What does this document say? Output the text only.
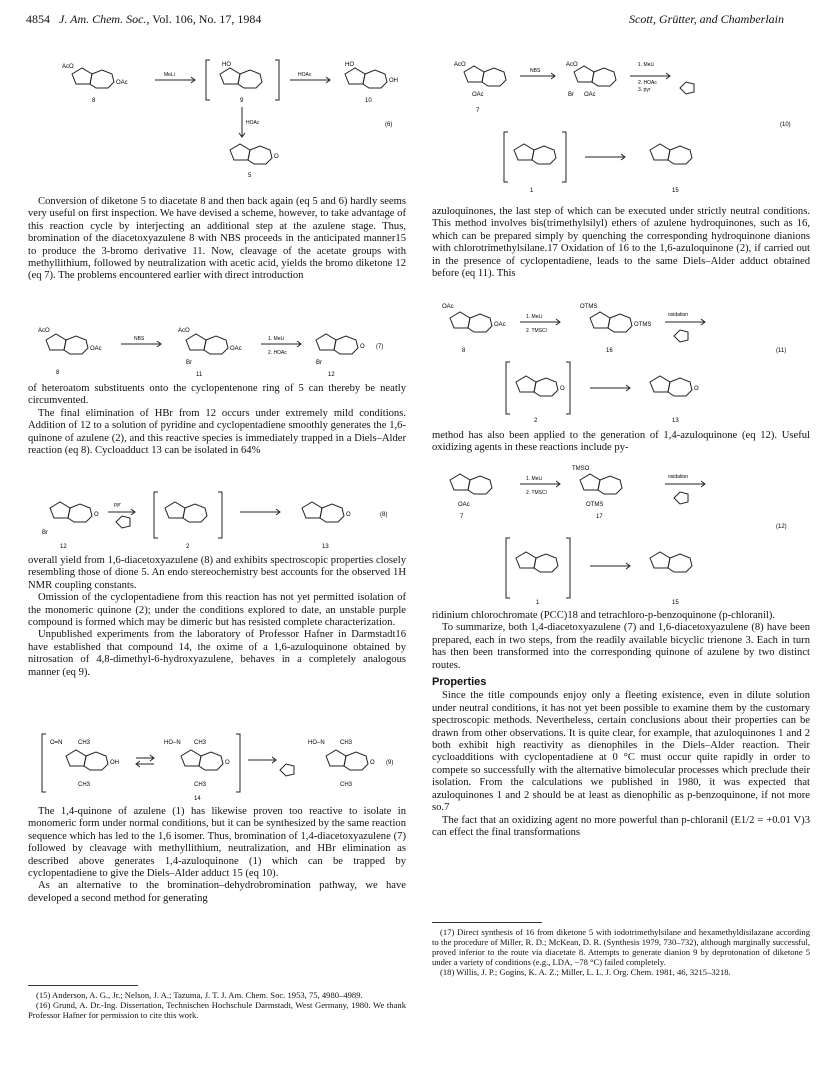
4854 J. Am. Chem. Soc., Vol. 106, No. 17, 1984	Scott, Grütter, and Chamberlain
AcO
OAc
8
MeLi
HO
9
HOAc
HO
OH
10
HOAc
O
5
(6)
AcO
OAc
7
NBS
AcO
Br OAc
1. MeLi
2. HOAc
3. pyr
1	15
(10)

Conversion of diketone 5 to diacetate 8 and then back again (eq 5 and 6) hardly seems very useful on first inspection. We have devised a scheme, however, to take advantage of this reaction cycle by interjecting an additional step at the azulene stage. Thus, bromination of the diacetoxyazulene 8 with NBS proceeds in the anticipated manner15 to produce the 3-bromo derivative 11. Now, cleavage of the acetate groups with methyllithium, followed by neutralization with acetic acid, yields the bromo diketone 12 (eq 7). The problems encountered earlier with direct introduction

AcO
OAc
8
NBS
AcO
OAc
Br
11
1. MeLi
2. HOAc
Br
O
12
(7)

of heteroatom substituents onto the cyclopentenone ring of 5 can thereby be neatly circumvented.

The final elimination of HBr from 12 occurs under extremely mild conditions. Addition of 12 to a solution of pyridine and cyclopentadiene smoothly generates the 1,6-quinone of azulene (2), and this reactive species is immediately trapped in a Diels–Alder reaction (eq 8). Cycloadduct 13 can be isolated in 64%

Br
O
12
pyr
2
O
13
(8)

overall yield from 1,6-diacetoxyazulene (8) and exhibits spectroscopic properties closely resembling those of dione 5. An endo stereochemistry best accounts for the observed 1H NMR coupling constants.

Omission of the cyclopentadiene from this reaction has not yet permitted isolation of the monomeric quinone (2); under the conditions explored to date, an unstable purple compound is formed which may be dimeric but has resisted complete characterization.

Unpublished experiments from the laboratory of Professor Hafner in Darmstadt16 have established that compound 14, the oxime of a 1,6-azuloquinone obtained by nitrosation of 4,8-dimethyl-6-hydroxyazulene, behaves in a completely analogous manner (eq 9).

O=N	CH3
OH
CH3
HO–N CH3
O
CH3
14
HO–N	CH3
O
CH3
(9)

The 1,4-quinone of azulene (1) has likewise proven too reactive to isolate in monomeric form under normal conditions, but it can be synthesized by the same reaction sequence which has led to the 1,6 isomer. Thus, bromination of 1,4-diacetoxyazulene (7) followed by cleavage with methyllithium, neutralization, and HBr elimination as described above generates 1,4-azuloquinone (1) which can be trapped by cyclopentadiene to give the Diels–Alder adduct 15 (eq 10).

As an alternative to the bromination–dehydrobromination pathway, we have developed a second method for generating

(15) Anderson, A. G., Jr.; Nelson, J. A.; Tazuma, J. T. J. Am. Chem. Soc. 1953, 75, 4980–4989.

(16) Grund, A. Dr.-Ing. Dissertation, Technischen Hochschule Darmstadt, West Germany, 1980. We thank Professor Hafner for permission to cite this work.

azuloquinones, the last step of which can be executed under strictly neutral conditions. This method involves bis(trimethylsilyl) ethers of azulene hydroquinones, such as 16, which can be prepared simply by quenching the corresponding hydroquinone dianions with chlorotrimethylsilane.17 Oxidation of 16 to the 1,6-azuloquinone (2), if carried out in the presence of cyclopentadiene, leads to the same Diels–Alder adduct obtained before (eq 11). This

OAc
OAc
8
1. MeLi
2. TMSCl
OTMS
OTMS
16
oxidation
O
2
O
13
(11)

method has also been applied to the generation of 1,4-azuloquinone (eq 12). Useful oxidizing agents in these reactions include py-

OAc
7
1. MeLi
2. TMSCl
TMSO
OTMS
17
oxidation
1	15
(12)

ridinium chlorochromate (PCC)18 and tetrachloro-p-benzoquinone (p-chloranil).

To summarize, both 1,4-diacetoxyazulene (7) and 1,6-diacetoxyazulene (8) have been prepared, each in two steps, from the readily available bicyclic trienone 3. Each in turn has then been transformed into the corresponding quinone of azulene by two distinct routes.

Properties

Since the title compounds enjoy only a fleeting existence, even in dilute solution under neutral conditions, it has not yet been possible to examine them by the customary spectroscopic methods. Nevertheless, certain conclusions about their properties can be drawn from other observations. It is quite clear, for example, that azuloquinones 1 and 2 both exhibit high reactivity as dienophiles in the Diels–Alder reaction. Their cycloadditions with cyclopentadiene at 0 °C must occur quite rapidly in order to compete so successfully with the alternative bimolecular processes which preclude their isolation. From the calculations we published in 1980, it was expected that azuloquinones 1 and 2 should be at least as dienophilic as p-benzoquinone, if not more so.7

The fact that an oxidizing agent no more powerful than p-chloranil (E1/2 = +0.01 V)3 can effect the final transformations

(17) Direct synthesis of 16 from diketone 5 with iodotrimethylsilane and hexamethyldisilazane according to the procedure of Miller, R. D.; McKean, D. R. (Synthesis 1979, 730–732), although marginally successful, proved inferior to the route via diacetate 8. Attempts to generate dianion 9 by deprotonation of diketone 5 under a variety of conditions (e.g., LDA, −78 °C) failed completely.

(18) Willis, J. P.; Gogins, K. A. Z.; Miller, L. L. J. Org. Chem. 1981, 46, 3215–3218.
